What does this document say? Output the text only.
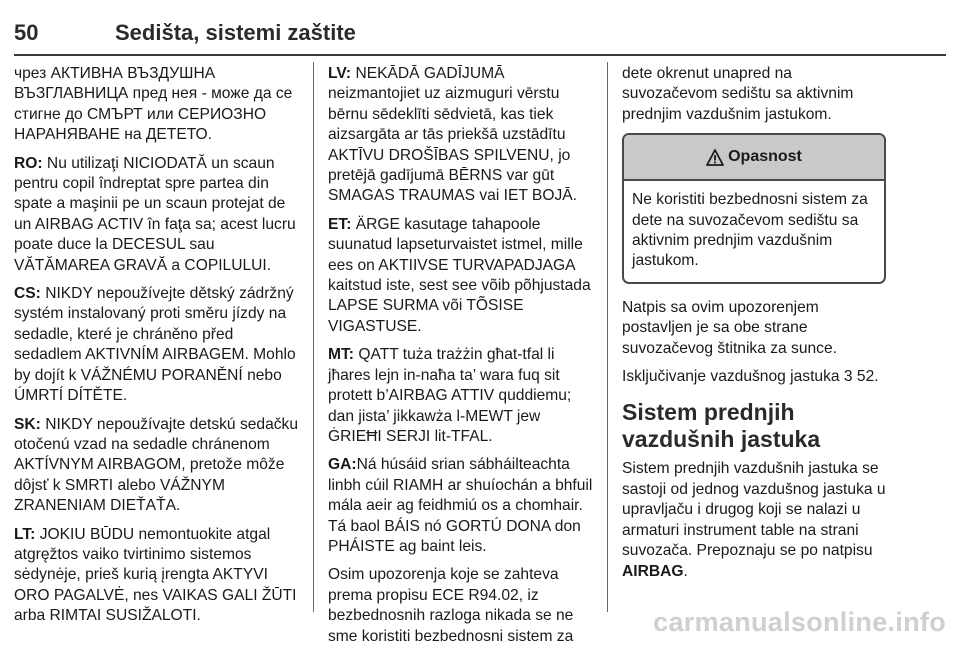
50	Sedišta, sistemi zaštite

чрез АКТИВНА ВЪЗДУШНА ВЪЗГЛАВНИЦА пред нея - може да се стигне до СМЪРТ или СЕРИОЗНО НАРАНЯВАНЕ на ДЕТЕТО.

RO: Nu utilizaţi NICIODATĂ un scaun pentru copil îndreptat spre partea din spate a maşinii pe un scaun protejat de un AIRBAG ACTIV în faţa sa; acest lucru poate duce la DECESUL sau VĂTĂMAREA GRAVĂ a COPILULUI.

CS: NIKDY nepoužívejte dětský zádržný systém instalovaný proti směru jízdy na sedadle, které je chráněno před sedadlem AKTIVNÍM AIRBAGEM. Mohlo by dojít k VÁŽNÉMU PORANĚNÍ nebo ÚMRTÍ DÍTĚTE.

SK: NIKDY nepoužívajte detskú sedačku otočenú vzad na sedadle chránenom AKTÍVNYM AIRBAGOM, pretože môže dôjsť k SMRTI alebo VÁŽNYM ZRANENIAM DIEŤAŤA.

LT: JOKIU BŪDU nemontuokite atgal atgręžtos vaiko tvirtinimo sistemos sėdynėje, prieš kurią įrengta AKTYVI ORO PAGALVĖ, nes VAIKAS GALI ŽŪTI arba RIMTAI SUSIŽALOTI.

LV: NEKĀDĀ GADĪJUMĀ neizmantojiet uz aizmuguri vērstu bērnu sēdeklīti sēdvietā, kas tiek aizsargāta ar tās priekšā uzstādītu AKTĪVU DROŠĪBAS SPILVENU, jo pretējā gadījumā BĒRNS var gūt SMAGAS TRAUMAS vai IET BOJĀ.

ET: ÄRGE kasutage tahapoole suunatud lapseturvaistet istmel, mille ees on AKTIIVSE TURVAPADJAGA kaitstud iste, sest see võib põhjustada LAPSE SURMA või TÕSISE VIGASTUSE.

MT: QATT tuża trażżin għat-tfal li jħares lejn in-naħa ta’ wara fuq sit protett b’AIRBAG ATTIV quddiemu; dan jista’ jikkawża l-MEWT jew ĠRIEĦI SERJI lit-TFAL.

GA:Ná húsáid srian sábháilteachta linbh cúil RIAMH ar shuíochán a bhfuil mála aeir ag feidhmiú os a chomhair. Tá baol BÁIS nó GORTÚ DONA don PHÁISTE ag baint leis.

Osim upozorenja koje se zahteva prema propisu ECE R94.02, iz bezbednosnih razloga nikada se ne sme koristiti bezbednosni sistem za

dete okrenut unapred na suvozačevom sedištu sa aktivnim prednjim vazdušnim jastukom.

Opasnost
Ne koristiti bezbednosni sistem za dete na suvozačevom sedištu sa aktivnim prednjim vazdušnim jastukom.

Natpis sa ovim upozorenjem postavljen je sa obe strane suvozačevog štitnika za sunce.

Isključivanje vazdušnog jastuka 3 52.

Sistem prednjih vazdušnih jastuka

Sistem prednjih vazdušnih jastuka se sastoji od jednog vazdušnog jastuka u upravljaču i drugog koji se nalazi u armaturi instrument table na strani suvozača. Prepoznaju se po natpisu AIRBAG.

carmanualsonline.info
